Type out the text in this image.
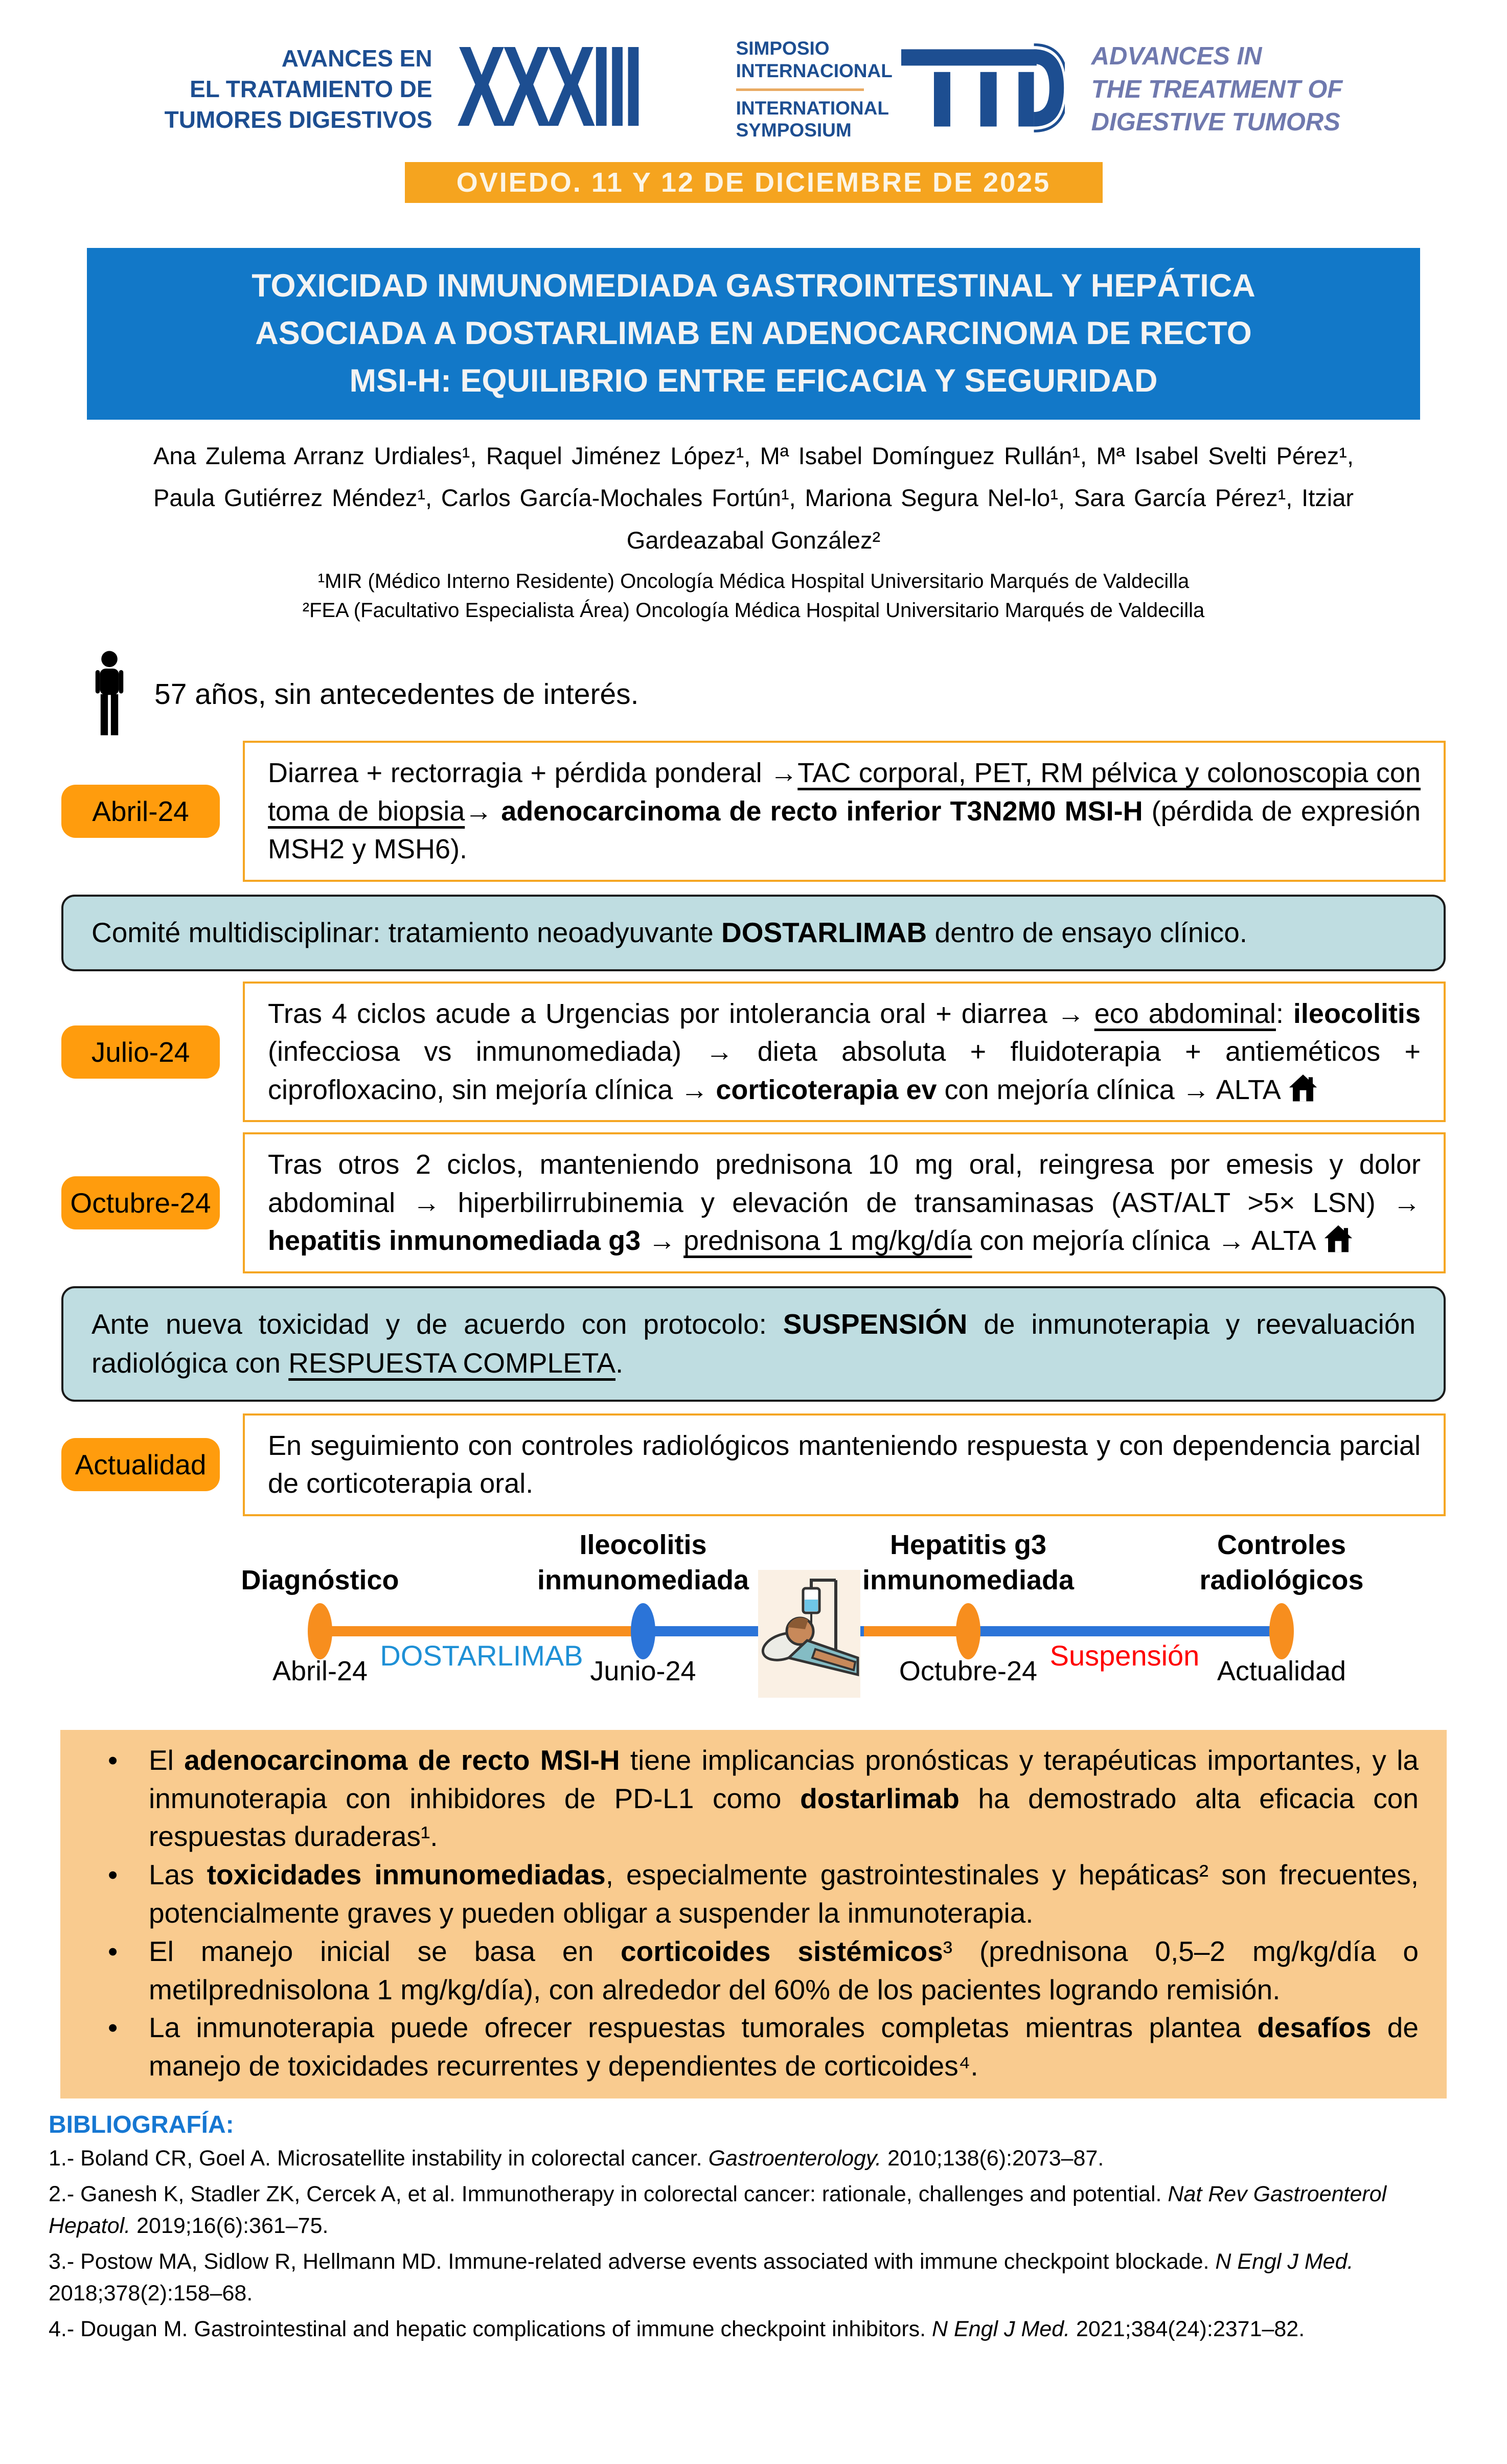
AVANCES EN
EL TRATAMIENTO DE
TUMORES DIGESTIVOS XXXIII	SIMPOSIO
INTERNACIONAL
INTERNATIONAL
SYMPOSIUM
ADVANCES IN
THE TREATMENT OF
DIGESTIVE TUMORS
OVIEDO. 11 Y 12 DE DICIEMBRE DE 2025
TOXICIDAD INMUNOMEDIADA GASTROINTESTINAL Y HEPÁTICA
ASOCIADA A DOSTARLIMAB EN ADENOCARCINOMA DE RECTO
MSI-H: EQUILIBRIO ENTRE EFICACIA Y SEGURIDAD
Ana Zulema Arranz Urdiales¹, Raquel Jiménez López¹, Mª Isabel Domínguez Rullán¹, Mª Isabel Svelti Pérez¹, Paula Gutiérrez Méndez¹, Carlos García-Mochales Fortún¹, Mariona Segura Nel-lo¹, Sara García Pérez¹, Itziar Gardeazabal González²
¹MIR (Médico Interno Residente) Oncología Médica Hospital Universitario Marqués de Valdecilla
²FEA (Facultativo Especialista Área) Oncología Médica Hospital Universitario Marqués de Valdecilla
57 años, sin antecedentes de interés.
Abril-24
Diarrea + rectorragia + pérdida ponderal →TAC corporal, PET, RM pélvica y colonoscopia con toma de biopsia→ adenocarcinoma de recto inferior T3N2M0 MSI-H (pérdida de expresión MSH2 y MSH6).
Comité multidisciplinar: tratamiento neoadyuvante DOSTARLIMAB dentro de ensayo clínico.
Julio-24
Tras 4 ciclos acude a Urgencias por intolerancia oral + diarrea → eco abdominal: ileocolitis (infecciosa vs inmunomediada) → dieta absoluta + fluidoterapia + antieméticos + ciprofloxacino, sin mejoría clínica → corticoterapia ev con mejoría clínica → ALTA
Octubre-24
Tras otros 2 ciclos, manteniendo prednisona 10 mg oral, reingresa por emesis y dolor abdominal → hiperbilirrubinemia y elevación de transaminasas (AST/ALT >5× LSN) → hepatitis inmunomediada g3 → prednisona 1 mg/kg/día con mejoría clínica → ALTA
Ante nueva toxicidad y de acuerdo con protocolo: SUSPENSIÓN de inmunoterapia y reevaluación radiológica con RESPUESTA COMPLETA.
Actualidad
En seguimiento con controles radiológicos manteniendo respuesta y con dependencia parcial de corticoterapia oral.
Diagnóstico
Ileocolitis
inmunomediada
Hepatitis g3
inmunomediada
Controles
radiológicos
DOSTARLIMAB	Suspensión
Abril-24	Junio-24	Octubre-24	Actualidad
• El adenocarcinoma de recto MSI-H tiene implicancias pronósticas y terapéuticas importantes, y la inmunoterapia con inhibidores de PD-L1 como dostarlimab ha demostrado alta eficacia con respuestas duraderas¹.
• Las toxicidades inmunomediadas, especialmente gastrointestinales y hepáticas² son frecuentes, potencialmente graves y pueden obligar a suspender la inmunoterapia.
• El manejo inicial se basa en corticoides sistémicos³ (prednisona 0,5–2 mg/kg/día o metilprednisolona 1 mg/kg/día), con alrededor del 60% de los pacientes logrando remisión.
• La inmunoterapia puede ofrecer respuestas tumorales completas mientras plantea desafíos de manejo de toxicidades recurrentes y dependientes de corticoides⁴.
BIBLIOGRAFÍA:
1.- Boland CR, Goel A. Microsatellite instability in colorectal cancer. Gastroenterology. 2010;138(6):2073–87.
2.- Ganesh K, Stadler ZK, Cercek A, et al. Immunotherapy in colorectal cancer: rationale, challenges and potential. Nat Rev Gastroenterol Hepatol. 2019;16(6):361–75.
3.- Postow MA, Sidlow R, Hellmann MD. Immune-related adverse events associated with immune checkpoint blockade. N Engl J Med. 2018;378(2):158–68.
4.- Dougan M. Gastrointestinal and hepatic complications of immune checkpoint inhibitors. N Engl J Med. 2021;384(24):2371–82.
